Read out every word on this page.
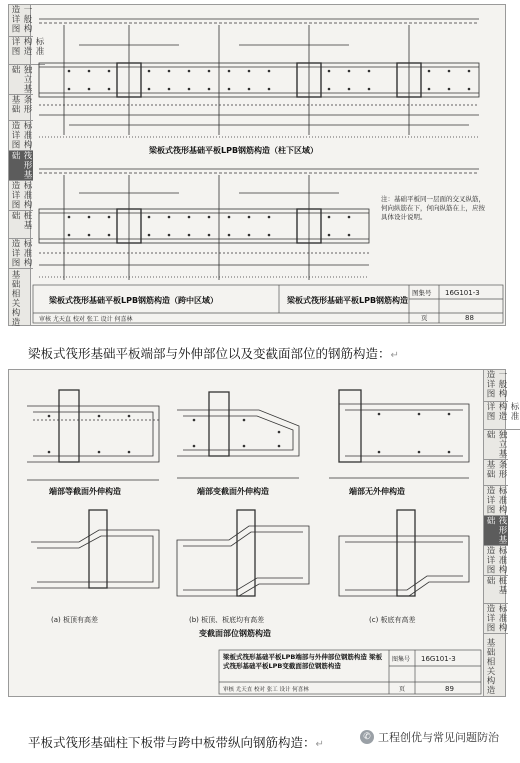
一般构造详图
标准构造详图
独立基础
条形基础
标准构造详图
筏形基础
标准构造详图
桩基础
标准构造详图
基础相关构造
梁板式筏形基础平板LPB钢筋构造（柱下区域）
注：基础平板同一层面的交叉纵筋，何向纵筋在下，何向纵筋在上，应按具体设计说明。
梁板式筏形基础平板LPB钢筋构造（跨中区域）	梁板式筏形基础平板LPB钢筋构造
图集号 16G101-3
页	88
审核 尤天直 校对 张工 设计 何喜林
梁板式筏形基础平板端部与外伸部位以及变截面部位的钢筋构造：↵
一般构造详图
标准构造详图
独立基础
条形基础
标准构造详图
筏形基础
标准构造详图
桩基础
标准构造详图
基础相关构造
端部等截面外伸构造	端部变截面外伸构造	端部无外伸构造
(a) 板顶有高差	(b) 板顶、板底均有高差	(c) 板底有高差
变截面部位钢筋构造
梁板式筏形基础平板LPB端部与外伸部位钢筋构造 梁板式筏形基础平板LPB变截面部位钢筋构造
图集号 16G101-3
页	89
审核 尤天直 校对 张工 设计 何喜林
平板式筏形基础柱下板带与跨中板带纵向钢筋构造：↵
✆ 工程创优与常见问题防治
